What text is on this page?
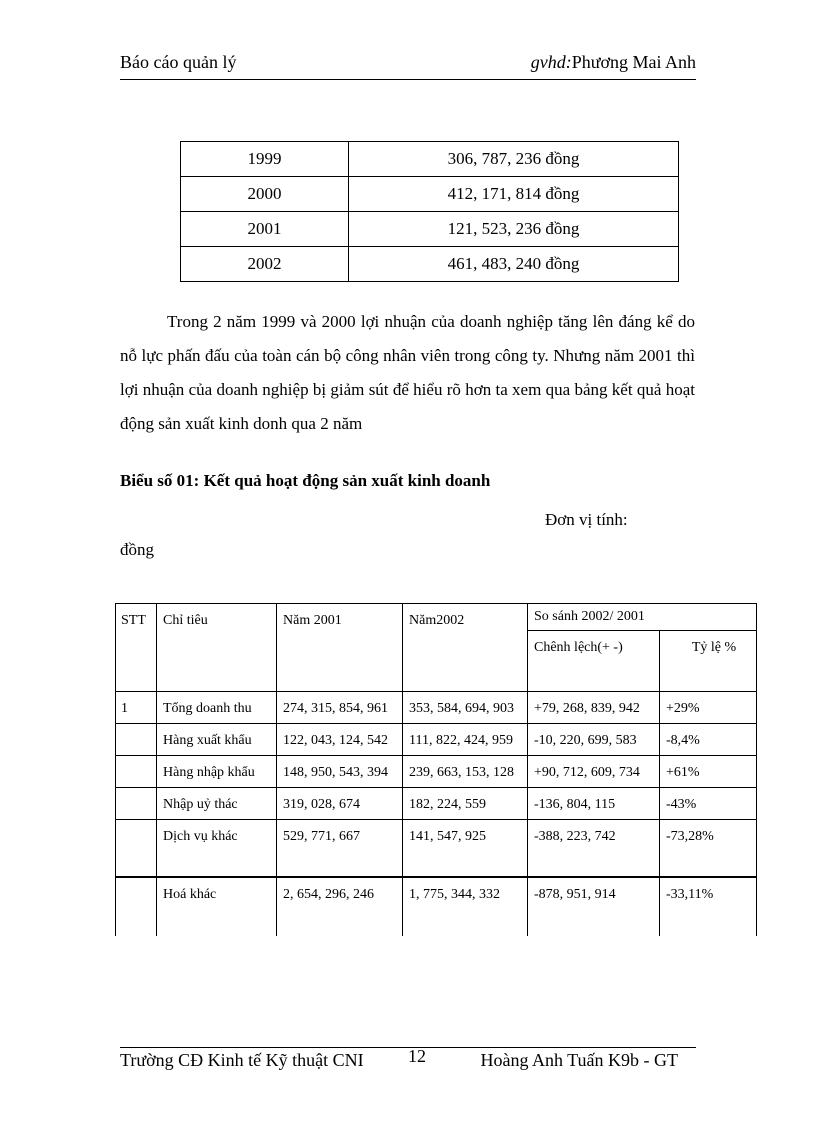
Báo cáo quản lý	gvhd:Phương Mai Anh
1999	306, 787, 236 đồng
2000	412, 171, 814 đồng
2001	121, 523, 236 đồng
2002	461, 483, 240 đồng

Trong 2 năm 1999 và 2000 lợi nhuận của doanh nghiệp tăng lên đáng kể do nỗ lực phấn đấu của toàn cán bộ công nhân viên trong công ty. Nhưng năm 2001 thì lợi nhuận của doanh nghiệp bị giảm sút để hiểu rõ hơn ta xem qua bảng kết quả hoạt động sản xuất kinh donh qua 2 năm

Biểu số 01: Kết quả hoạt động sản xuất kinh doanh
Đơn vị tính:
đồng
STT	Chỉ tiêu	Năm 2001	Năm2002	So sánh 2002/ 2001	
				Chênh lệch(+ -)	Tỷ lệ %
1	Tổng doanh thu	274, 315, 854, 961	353, 584, 694, 903	+79, 268, 839, 942	+29%
	Hàng xuất khẩu	122, 043, 124, 542	111, 822, 424, 959	-10, 220, 699, 583	-8,4%
	Hàng nhập khẩu	148, 950, 543, 394	239, 663, 153, 128	+90, 712, 609, 734	+61%
	Nhập uỷ thác	319, 028, 674	182, 224, 559	-136, 804, 115	-43%
	Dịch vụ khác	529, 771, 667	141, 547, 925	-388, 223, 742	-73,28%
	Hoá khác	2, 654, 296, 246	1, 775, 344, 332	-878, 951, 914	-33,11%
Trường CĐ Kinh tế Kỹ thuật CNI 12	Hoàng Anh Tuấn K9b - GT
